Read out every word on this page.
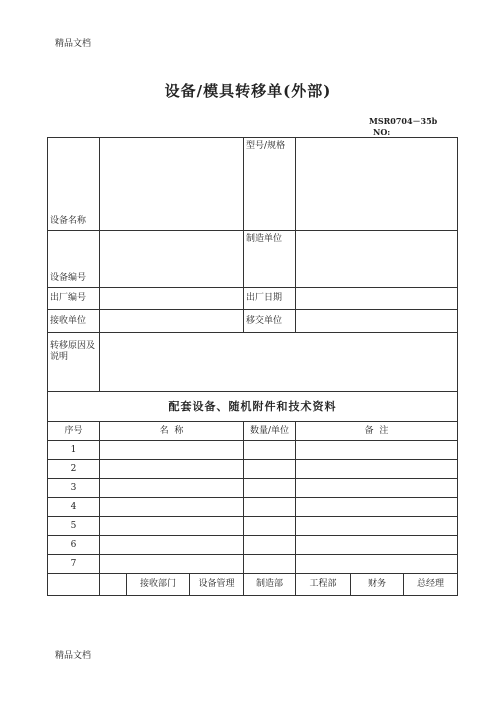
精品文档
设备/模具转移单(外部)
MSR0704－35b
NO:
设备名称				型号/规格			
设备编号				制造单位			
出厂编号				出厂日期			
接收单位				移交单位			
转移原因及说明							
配套设备、随机附件和技术资料							
序号	名  称			数量/单位	备  注		
1							
2							
3							
4							
5							
6							
7							
		接收部门	设备管理	制造部	工程部	财务	总经理
精品文档
